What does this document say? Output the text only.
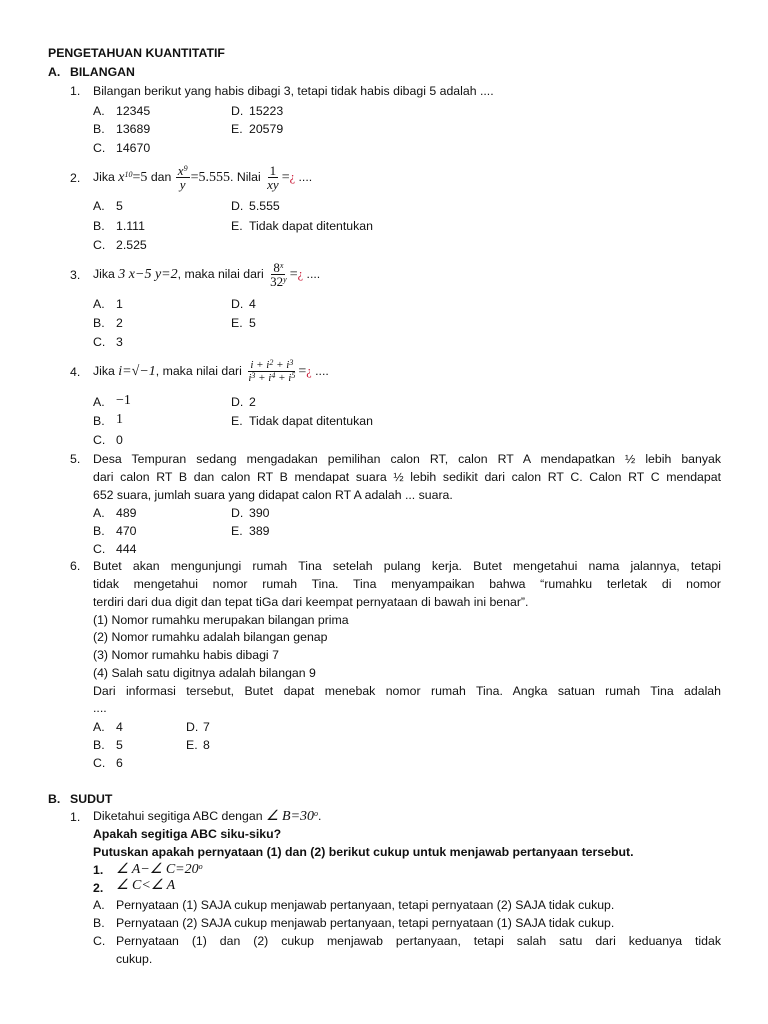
PENGETAHUAN KUANTITATIF
A. BILANGAN
1. Bilangan berikut yang habis dibagi 3, tetapi tidak habis dibagi 5 adalah ....
A. 12345
B. 13689
C. 14670
D. 15223
E. 20579
2. Jika $x^{10}=5$ dan $\frac{x^9}{y} =5.555$. Nilai $\frac{1}{xy}$ =¿ ....
A. 5
B. 1.111
C. 2.525
D. 5.555
E. Tidak dapat ditentukan
3. Jika 3 x−5 y=2, maka nilai dari $\frac{8^x}{32^y}$ =¿ ....
A. 1
B. 2
C. 3
D. 4
E. 5
4. Jika i=√−1, maka nilai dari $\frac{i + i^2 + i^3}{i^3 + i^4 + i^5}$ =¿ ....
A. −1
B. 1
C. 0
D. 2
E. Tidak dapat ditentukan
5. Desa Tempuran sedang mengadakan pemilihan calon RT, calon RT A mendapatkan ½ lebih banyak
dari calon RT B dan calon RT B mendapat suara ½ lebih sedikit dari calon RT C. Calon RT C mendapat
652 suara, jumlah suara yang didapat calon RT A adalah ... suara.
A. 489
B. 470
C. 444
D. 390
E. 389
6. Butet akan mengunjungi rumah Tina setelah pulang kerja. Butet mengetahui nama jalannya, tetapi
tidak mengetahui nomor rumah Tina. Tina menyampaikan bahwa “rumahku terletak di nomor
terdiri dari dua digit dan tepat tiGa dari keempat pernyataan di bawah ini benar”.
(1) Nomor rumahku merupakan bilangan prima
(2) Nomor rumahku adalah bilangan genap
(3) Nomor rumahku habis dibagi 7
(4) Salah satu digitnya adalah bilangan 9
Dari informasi tersebut, Butet dapat menebak nomor rumah Tina. Angka satuan rumah Tina adalah
....
A. 4
B. 5
C. 6
D. 7
E. 8
B. SUDUT
1. Diketahui segitiga ABC dengan ∠ $B=30^o$.
Apakah segitiga ABC siku-siku?
Putuskan apakah pernyataan (1) dan (2) berikut cukup untuk menjawab pertanyaan tersebut.
1. ∠ A−∠ $C=20^o$
2. ∠ C<∠ A
A. Pernyataan (1) SAJA cukup menjawab pertanyaan, tetapi pernyataan (2) SAJA tidak cukup.
B. Pernyataan (2) SAJA cukup menjawab pertanyaan, tetapi pernyataan (1) SAJA tidak cukup.
C. Pernyataan (1) dan (2) cukup menjawab pertanyaan, tetapi salah satu dari keduanya tidak
cukup.
